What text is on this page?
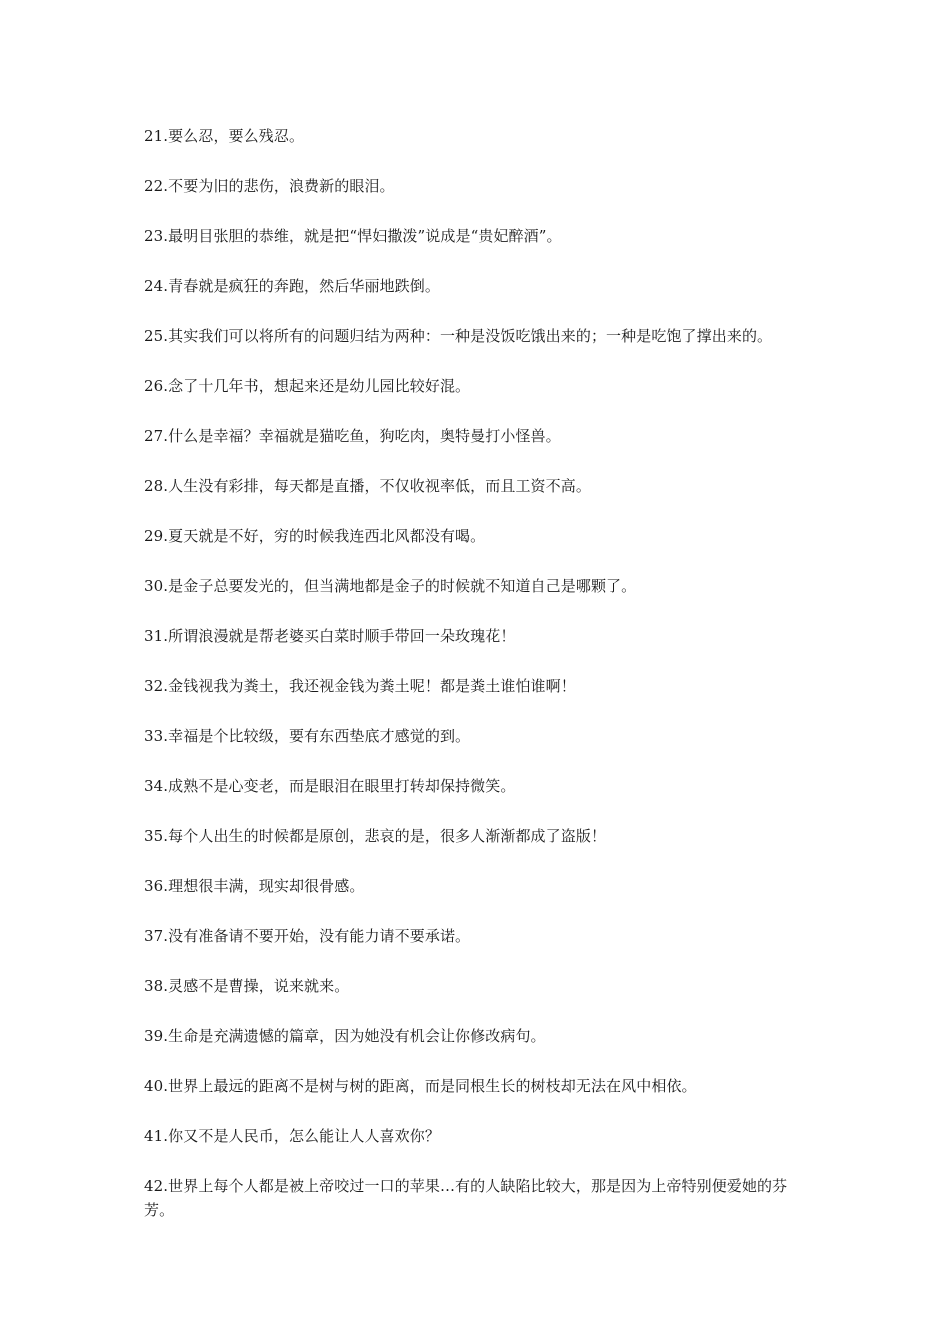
21.要么忍，要么残忍。

22.不要为旧的悲伤，浪费新的眼泪。

23.最明目张胆的恭维，就是把“悍妇撒泼”说成是“贵妃醉酒”。

24.青春就是疯狂的奔跑，然后华丽地跌倒。

25.其实我们可以将所有的问题归结为两种：一种是没饭吃饿出来的；一种是吃饱了撑出来的。

26.念了十几年书，想起来还是幼儿园比较好混。

27.什么是幸福？幸福就是猫吃鱼，狗吃肉，奥特曼打小怪兽。

28.人生没有彩排，每天都是直播，不仅收视率低，而且工资不高。

29.夏天就是不好，穷的时候我连西北风都没有喝。

30.是金子总要发光的，但当满地都是金子的时候就不知道自己是哪颗了。

31.所谓浪漫就是帮老婆买白菜时顺手带回一朵玫瑰花！

32.金钱视我为粪土，我还视金钱为粪土呢！都是粪土谁怕谁啊！

33.幸福是个比较级，要有东西垫底才感觉的到。

34.成熟不是心变老，而是眼泪在眼里打转却保持微笑。

35.每个人出生的时候都是原创，悲哀的是，很多人渐渐都成了盗版！

36.理想很丰满，现实却很骨感。

37.没有准备请不要开始，没有能力请不要承诺。

38.灵感不是曹操，说来就来。

39.生命是充满遗憾的篇章，因为她没有机会让你修改病句。

40.世界上最远的距离不是树与树的距离，而是同根生长的树枝却无法在风中相依。

41.你又不是人民币，怎么能让人人喜欢你？

42.世界上每个人都是被上帝咬过一口的苹果…有的人缺陷比较大，那是因为上帝特别便爱她的芬芳。
